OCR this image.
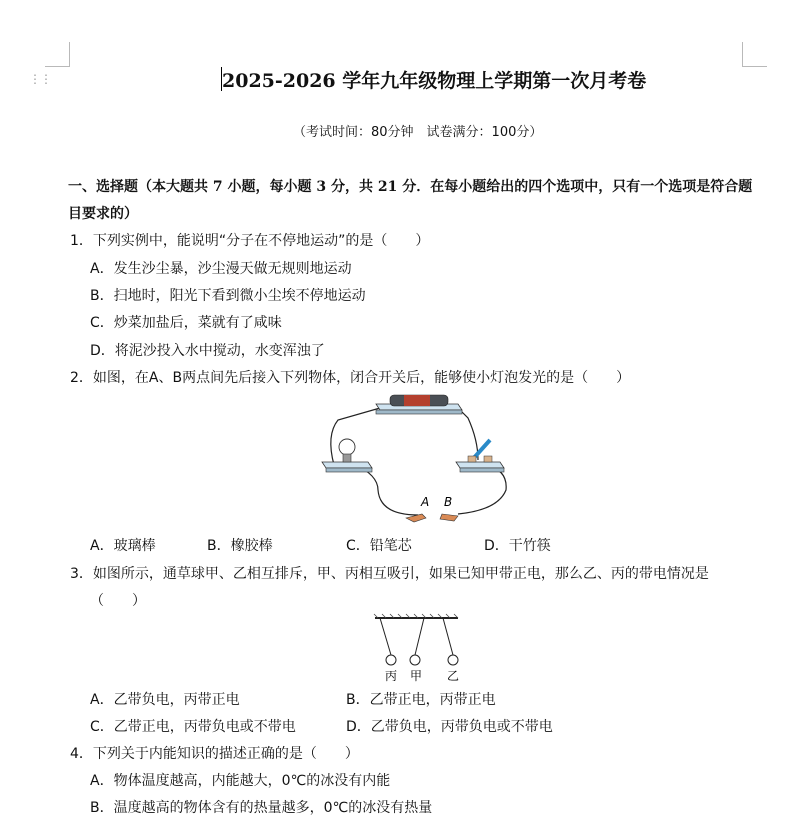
⋮⋮	2025-2026 学年九年级物理上学期第一次月考卷
（考试时间：80分钟　试卷满分：100分）
一、选择题（本大题共 7 小题，每小题 3 分，共 21 分．在每小题给出的四个选项中，只有一个选项是符合题
目要求的）
1．下列实例中，能说明“分子在不停地运动”的是（　　）
A．发生沙尘暴，沙尘漫天做无规则地运动
B．扫地时，阳光下看到微小尘埃不停地运动
C．炒菜加盐后，菜就有了咸味
D．将泥沙投入水中搅动，水变浑浊了
2．如图，在A、B两点间先后接入下列物体，闭合开关后，能够使小灯泡发光的是（　　）
A B
A．玻璃棒	B．橡胶棒	C．铅笔芯	D．干竹筷
3．如图所示，通草球甲、乙相互排斥，甲、丙相互吸引，如果已知甲带正电，那么乙、丙的带电情况是
（　　）
丙 甲 乙
A．乙带负电，丙带正电	B．乙带正电，丙带正电
C．乙带正电，丙带负电或不带电	D．乙带负电，丙带负电或不带电
4．下列关于内能知识的描述正确的是（　　）
A．物体温度越高，内能越大，0℃的冰没有内能
B．温度越高的物体含有的热量越多，0℃的冰没有热量
